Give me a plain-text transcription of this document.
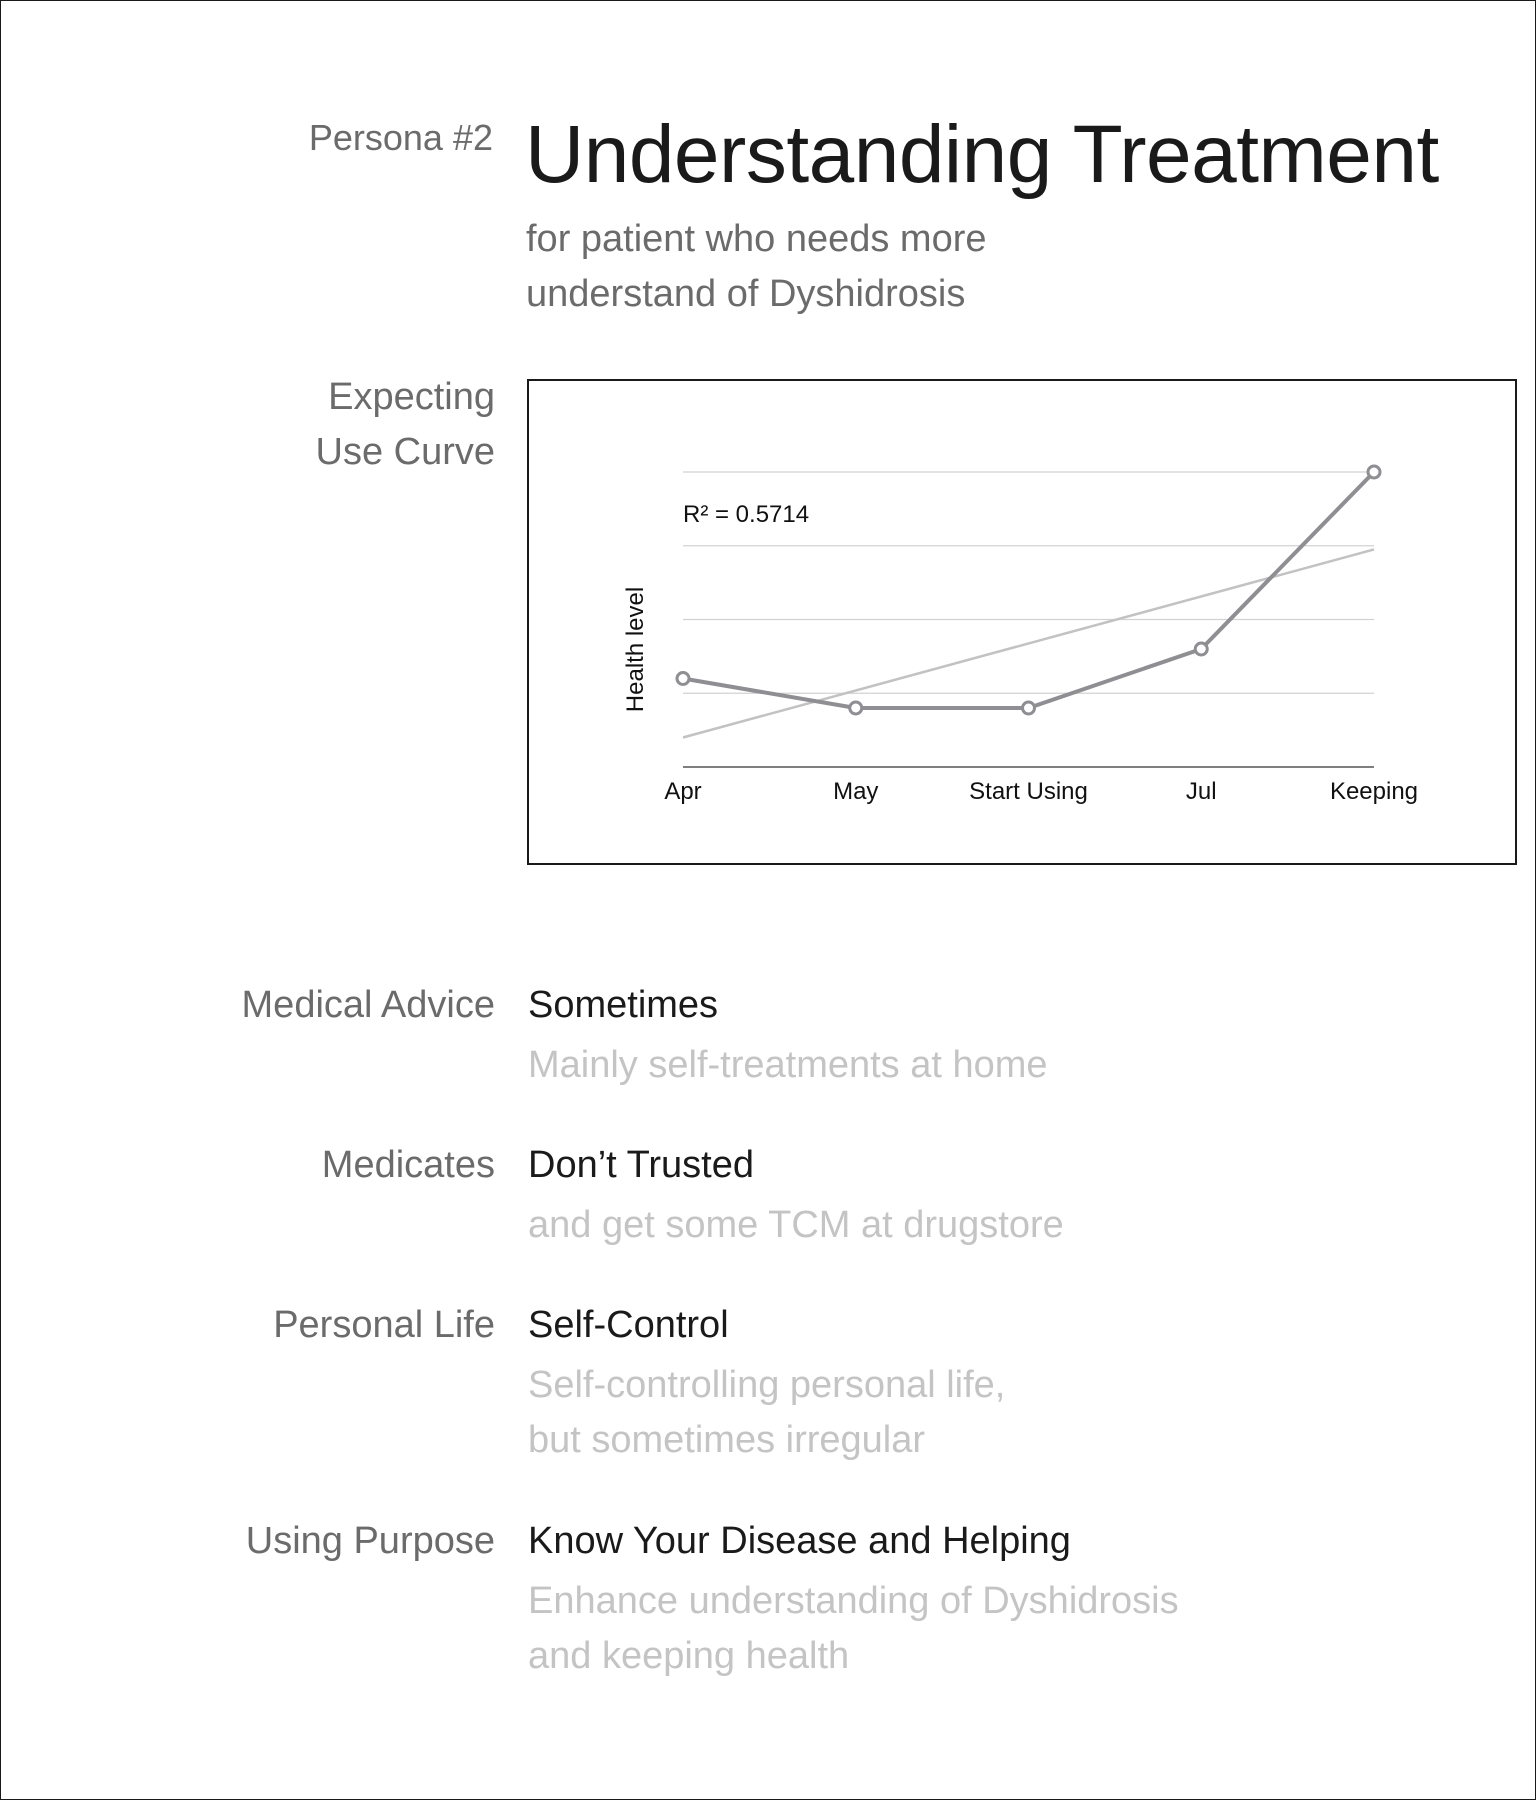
Persona #2 Understanding Treatment
for patient who needs more
understand of Dyshidrosis
Expecting
Use Curve
Apr	May	Start Using	Jul	Keeping
Health level
R² = 0.5714
Medical Advice Sometimes
Mainly self-treatments at home
Medicates Don’t Trusted
and get some TCM at drugstore
Personal Life Self-Control
Self-controlling personal life,
but sometimes irregular
Using Purpose Know Your Disease and Helping
Enhance understanding of Dyshidrosis
and keeping health
